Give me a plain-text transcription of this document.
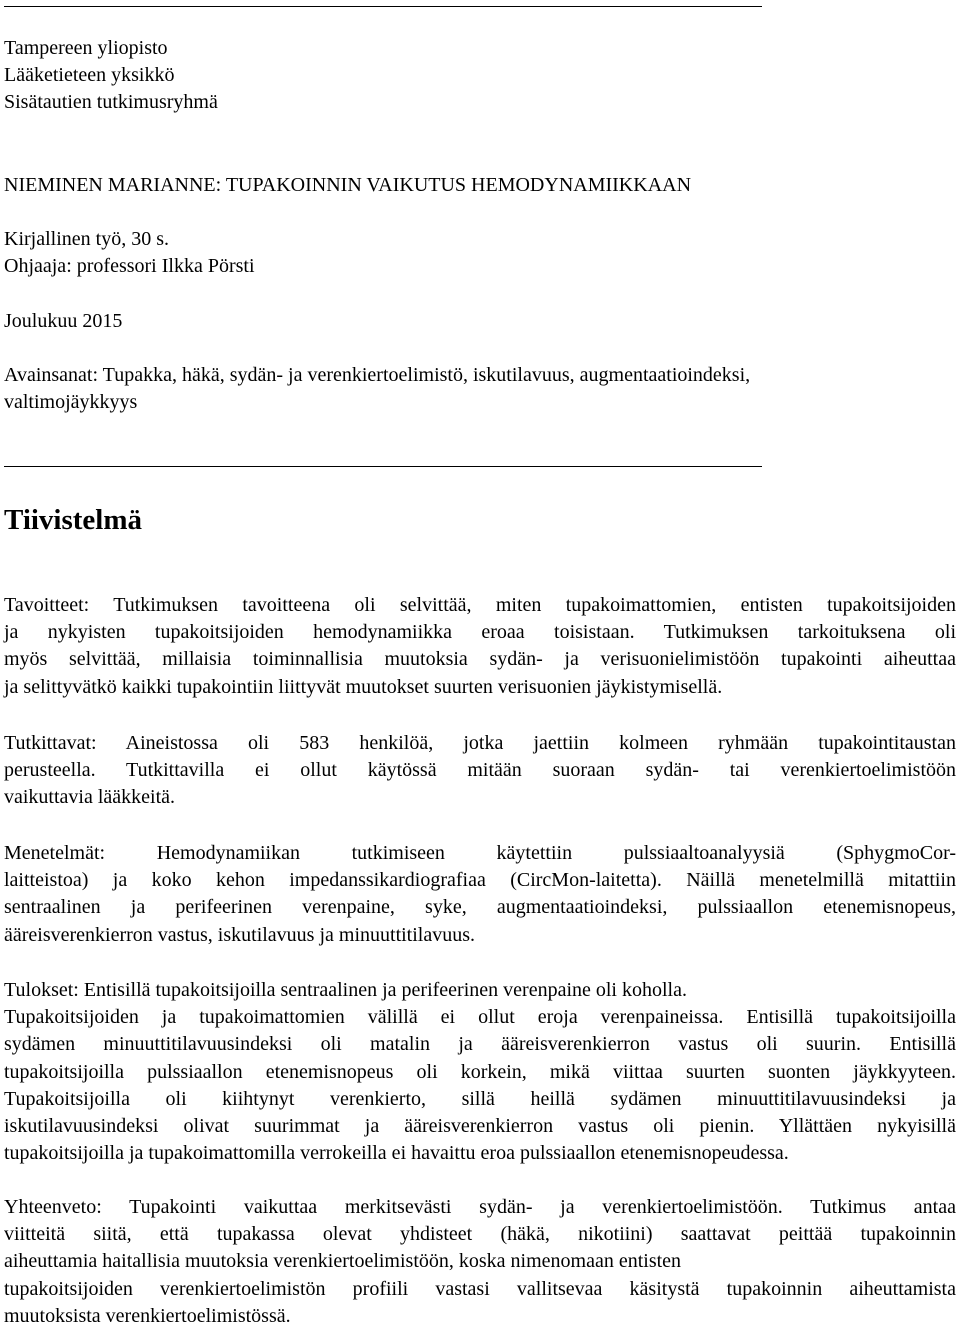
Tampereen yliopisto
Lääketieteen yksikkö
Sisätautien tutkimusryhmä
NIEMINEN MARIANNE: TUPAKOINNIN VAIKUTUS HEMODYNAMIIKKAAN
Kirjallinen työ, 30 s.
Ohjaaja: professori Ilkka Pörsti
Joulukuu 2015
Avainsanat: Tupakka, häkä, sydän- ja verenkiertoelimistö, iskutilavuus, augmentaatioindeksi,
valtimojäykkyys
Tiivistelmä
Tavoitteet: Tutkimuksen tavoitteena oli selvittää, miten tupakoimattomien, entisten tupakoitsijoiden
ja nykyisten tupakoitsijoiden hemodynamiikka eroaa toisistaan. Tutkimuksen tarkoituksena oli
myös selvittää, millaisia toiminnallisia muutoksia sydän- ja verisuonielimistöön tupakointi aiheuttaa
ja selittyvätkö kaikki tupakointiin liittyvät muutokset suurten verisuonien jäykistymisellä.
Tutkittavat: Aineistossa oli 583 henkilöä, jotka jaettiin kolmeen ryhmään tupakointitaustan
perusteella. Tutkittavilla ei ollut käytössä mitään suoraan sydän- tai verenkiertoelimistöön
vaikuttavia lääkkeitä.
Menetelmät: Hemodynamiikan tutkimiseen käytettiin pulssiaaltoanalyysiä (SphygmoCor-
laitteistoa) ja koko kehon impedanssikardiografiaa (CircMon-laitetta). Näillä menetelmillä mitattiin
sentraalinen ja perifeerinen verenpaine, syke, augmentaatioindeksi, pulssiaallon etenemisnopeus,
ääreisverenkierron vastus, iskutilavuus ja minuuttitilavuus.
Tulokset: Entisillä tupakoitsijoilla sentraalinen ja perifeerinen verenpaine oli koholla.
Tupakoitsijoiden ja tupakoimattomien välillä ei ollut eroja verenpaineissa. Entisillä tupakoitsijoilla
sydämen minuuttitilavuusindeksi oli matalin ja ääreisverenkierron vastus oli suurin. Entisillä
tupakoitsijoilla pulssiaallon etenemisnopeus oli korkein, mikä viittaa suurten suonten jäykkyyteen.
Tupakoitsijoilla oli kiihtynyt verenkierto, sillä heillä sydämen minuuttitilavuusindeksi ja
iskutilavuusindeksi olivat suurimmat ja ääreisverenkierron vastus oli pienin. Yllättäen nykyisillä
tupakoitsijoilla ja tupakoimattomilla verrokeilla ei havaittu eroa pulssiaallon etenemisnopeudessa.
Yhteenveto: Tupakointi vaikuttaa merkitsevästi sydän- ja verenkiertoelimistöön. Tutkimus antaa
viitteitä siitä, että tupakassa olevat yhdisteet (häkä, nikotiini) saattavat peittää tupakoinnin
aiheuttamia haitallisia muutoksia verenkiertoelimistöön, koska nimenomaan entisten
tupakoitsijoiden verenkiertoelimistön profiili vastasi vallitsevaa käsitystä tupakoinnin aiheuttamista
muutoksista verenkiertoelimistössä.
